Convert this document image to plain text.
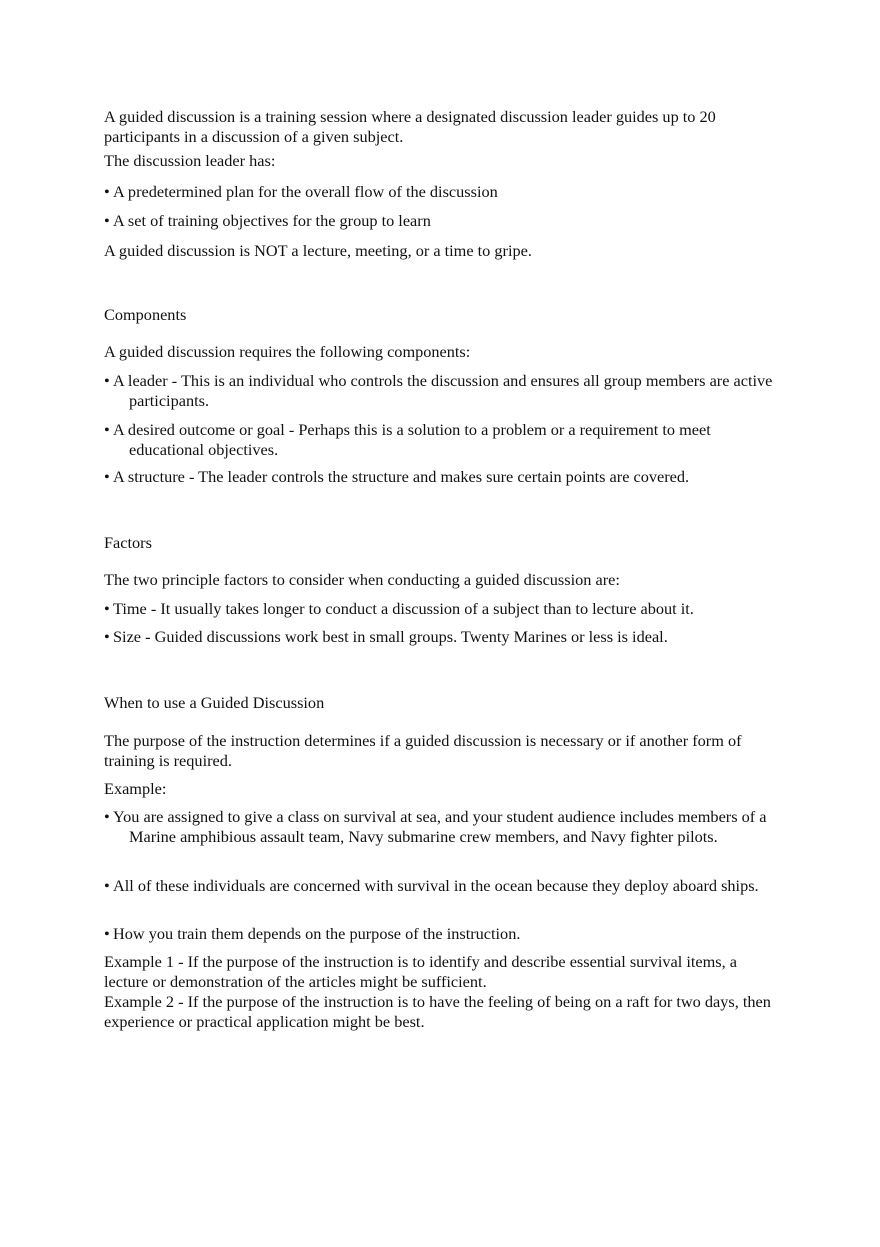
A guided discussion is a training session where a designated discussion leader guides up to 20 participants in a discussion of a given subject.

The discussion leader has:

• A predetermined plan for the overall flow of the discussion

• A set of training objectives for the group to learn

A guided discussion is NOT a lecture, meeting, or a time to gripe.

Components

A guided discussion requires the following components:

• A leader - This is an individual who controls the discussion and ensures all group members are active participants.

• A desired outcome or goal - Perhaps this is a solution to a problem or a requirement to meet educational objectives.

• A structure - The leader controls the structure and makes sure certain points are covered.

Factors

The two principle factors to consider when conducting a guided discussion are:

• Time - It usually takes longer to conduct a discussion of a subject than to lecture about it.

• Size - Guided discussions work best in small groups. Twenty Marines or less is ideal.

When to use a Guided Discussion

The purpose of the instruction determines if a guided discussion is necessary or if another form of training is required.

Example:

• You are assigned to give a class on survival at sea, and your student audience includes members of a Marine amphibious assault team, Navy submarine crew members, and Navy fighter pilots.

• All of these individuals are concerned with survival in the ocean because they deploy aboard ships.

• How you train them depends on the purpose of the instruction.

Example 1 - If the purpose of the instruction is to identify and describe essential survival items, a lecture or demonstration of the articles might be sufficient.

Example 2 - If the purpose of the instruction is to have the feeling of being on a raft for two days, then experience or practical application might be best.
